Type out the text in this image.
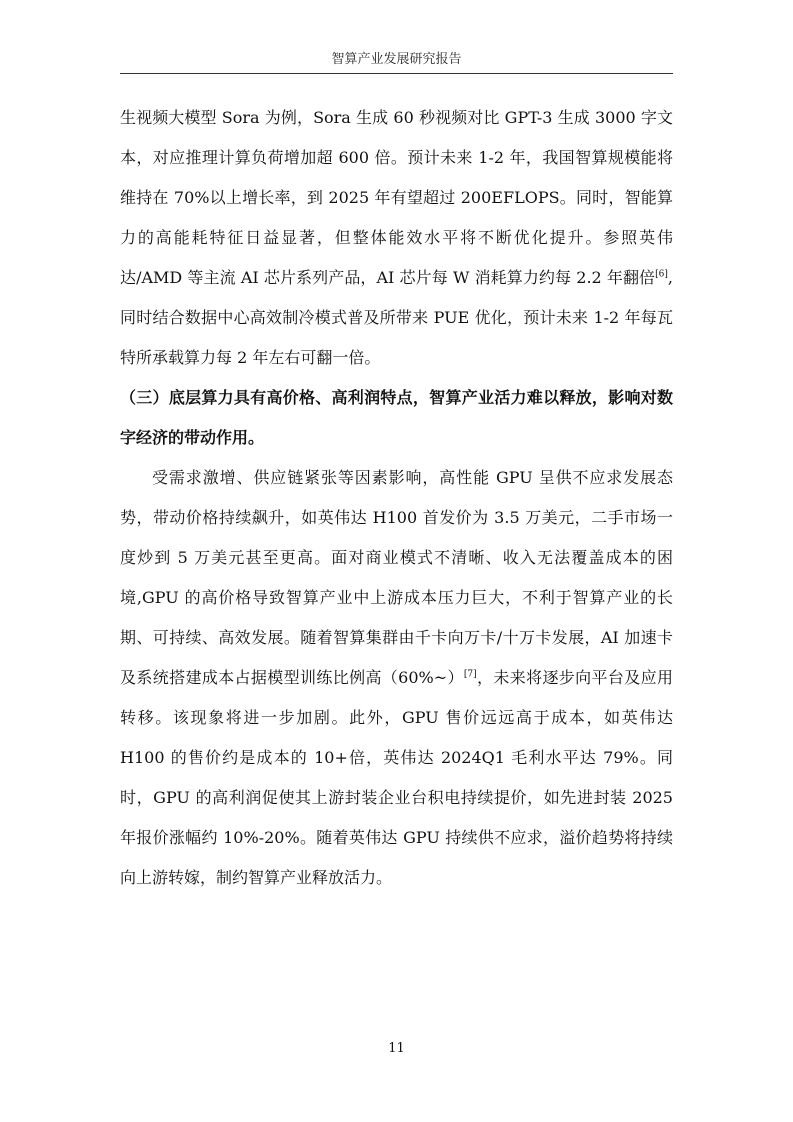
智算产业发展研究报告

生视频大模型 Sora 为例，Sora 生成 60 秒视频对比 GPT-3 生成 3000 字文本，对应推理计算负荷增加超 600 倍。预计未来 1-2 年，我国智算规模能将维持在 70%以上增长率，到 2025 年有望超过 200EFLOPS。同时，智能算力的高能耗特征日益显著，但整体能效水平将不断优化提升。参照英伟达/AMD 等主流 AI 芯片系列产品，AI 芯片每 W 消耗算力约每 2.2 年翻倍[6],同时结合数据中心高效制冷模式普及所带来 PUE 优化，预计未来 1-2 年每瓦特所承载算力每 2 年左右可翻一倍。

（三）底层算力具有高价格、高利润特点，智算产业活力难以释放，影响对数字经济的带动作用。

受需求激增、供应链紧张等因素影响，高性能 GPU 呈供不应求发展态势，带动价格持续飙升，如英伟达 H100 首发价为 3.5 万美元，二手市场一度炒到 5 万美元甚至更高。面对商业模式不清晰、收入无法覆盖成本的困境,GPU 的高价格导致智算产业中上游成本压力巨大，不利于智算产业的长期、可持续、高效发展。随着智算集群由千卡向万卡/十万卡发展，AI 加速卡及系统搭建成本占据模型训练比例高（60%~）[7]，未来将逐步向平台及应用转移。该现象将进一步加剧。此外，GPU 售价远远高于成本，如英伟达 H100 的售价约是成本的 10+倍，英伟达 2024Q1 毛利水平达 79%。同时，GPU 的高利润促使其上游封装企业台积电持续提价，如先进封装 2025 年报价涨幅约 10%-20%。随着英伟达 GPU 持续供不应求，溢价趋势将持续向上游转嫁，制约智算产业释放活力。

11
